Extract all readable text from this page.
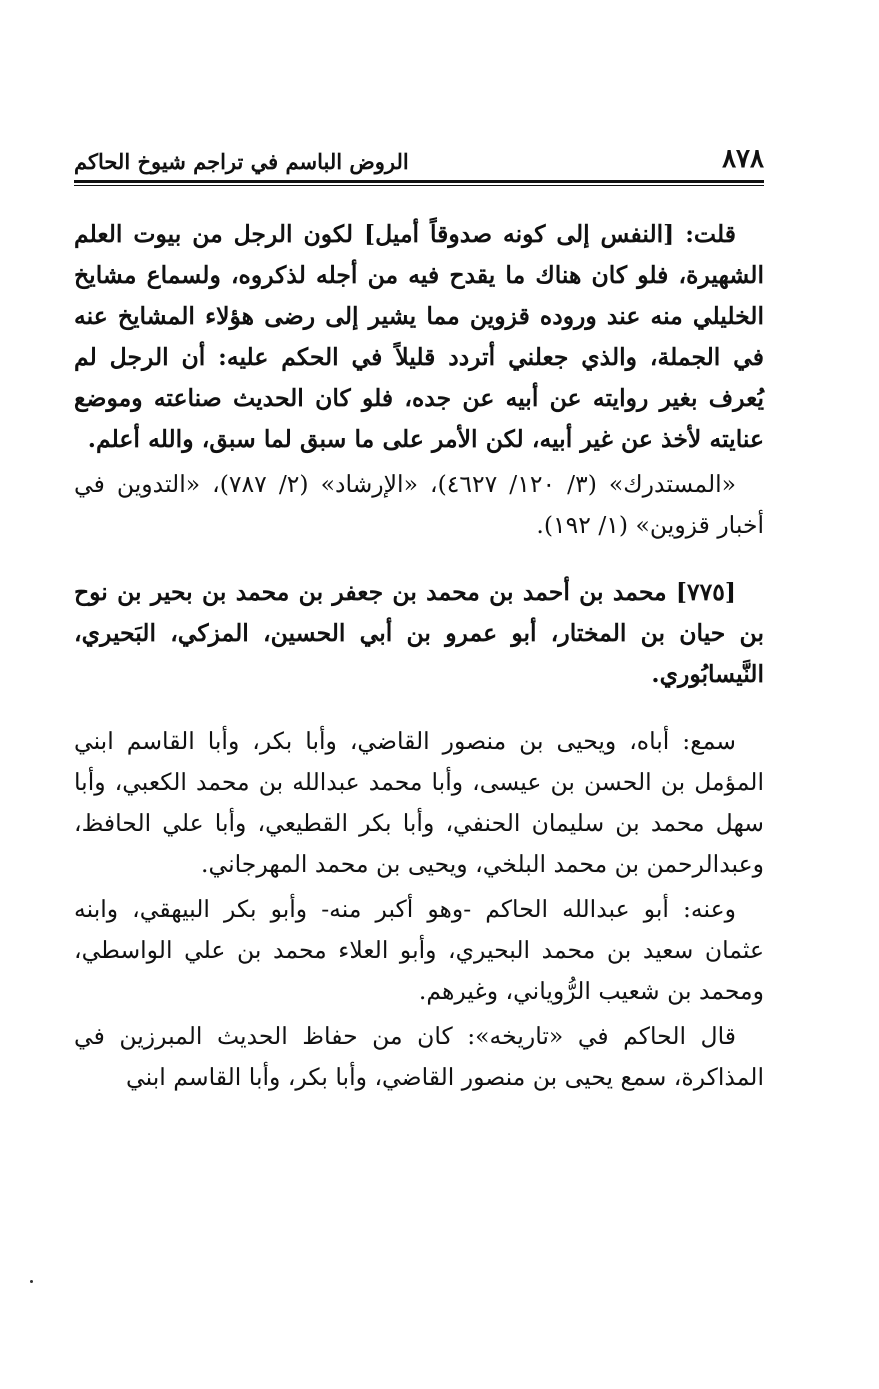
٨٧٨
الروض الباسم في تراجم شيوخ الحاكم

قلت: [النفس إلى كونه صدوقاً أميل] لكون الرجل من بيوت العلم الشهيرة، فلو كان هناك ما يقدح فيه من أجله لذكروه، ولسماع مشايخ الخليلي منه عند وروده قزوين مما يشير إلى رضى هؤلاء المشايخ عنه في الجملة، والذي جعلني أتردد قليلاً في الحكم عليه: أن الرجل لم يُعرف بغير روايته عن أبيه عن جده، فلو كان الحديث صناعته وموضع عنايته لأخذ عن غير أبيه، لكن الأمر على ما سبق لما سبق، والله أعلم.

«المستدرك» (٣/ ١٢٠/ ٤٦٢٧)، «الإرشاد» (٢/ ٧٨٧)، «التدوين في أخبار قزوين» (١/ ١٩٢).

[٧٧٥] محمد بن أحمد بن محمد بن جعفر بن محمد بن بحير بن نوح بن حيان بن المختار، أبو عمرو بن أبي الحسين، المزكي، البَحيري، النَّيسابُوري.

سمع: أباه، ويحيى بن منصور القاضي، وأبا بكر، وأبا القاسم ابني المؤمل بن الحسن بن عيسى، وأبا محمد عبدالله بن محمد الكعبي، وأبا سهل محمد بن سليمان الحنفي، وأبا بكر القطيعي، وأبا علي الحافظ، وعبدالرحمن بن محمد البلخي، ويحيى بن محمد المهرجاني.

وعنه: أبو عبدالله الحاكم -وهو أكبر منه- وأبو بكر البيهقي، وابنه عثمان سعيد بن محمد البحيري، وأبو العلاء محمد بن علي الواسطي، ومحمد بن شعيب الرُّوياني، وغيرهم.

قال الحاكم في «تاريخه»: كان من حفاظ الحديث المبرزين في المذاكرة، سمع يحيى بن منصور القاضي، وأبا بكر، وأبا القاسم ابني
